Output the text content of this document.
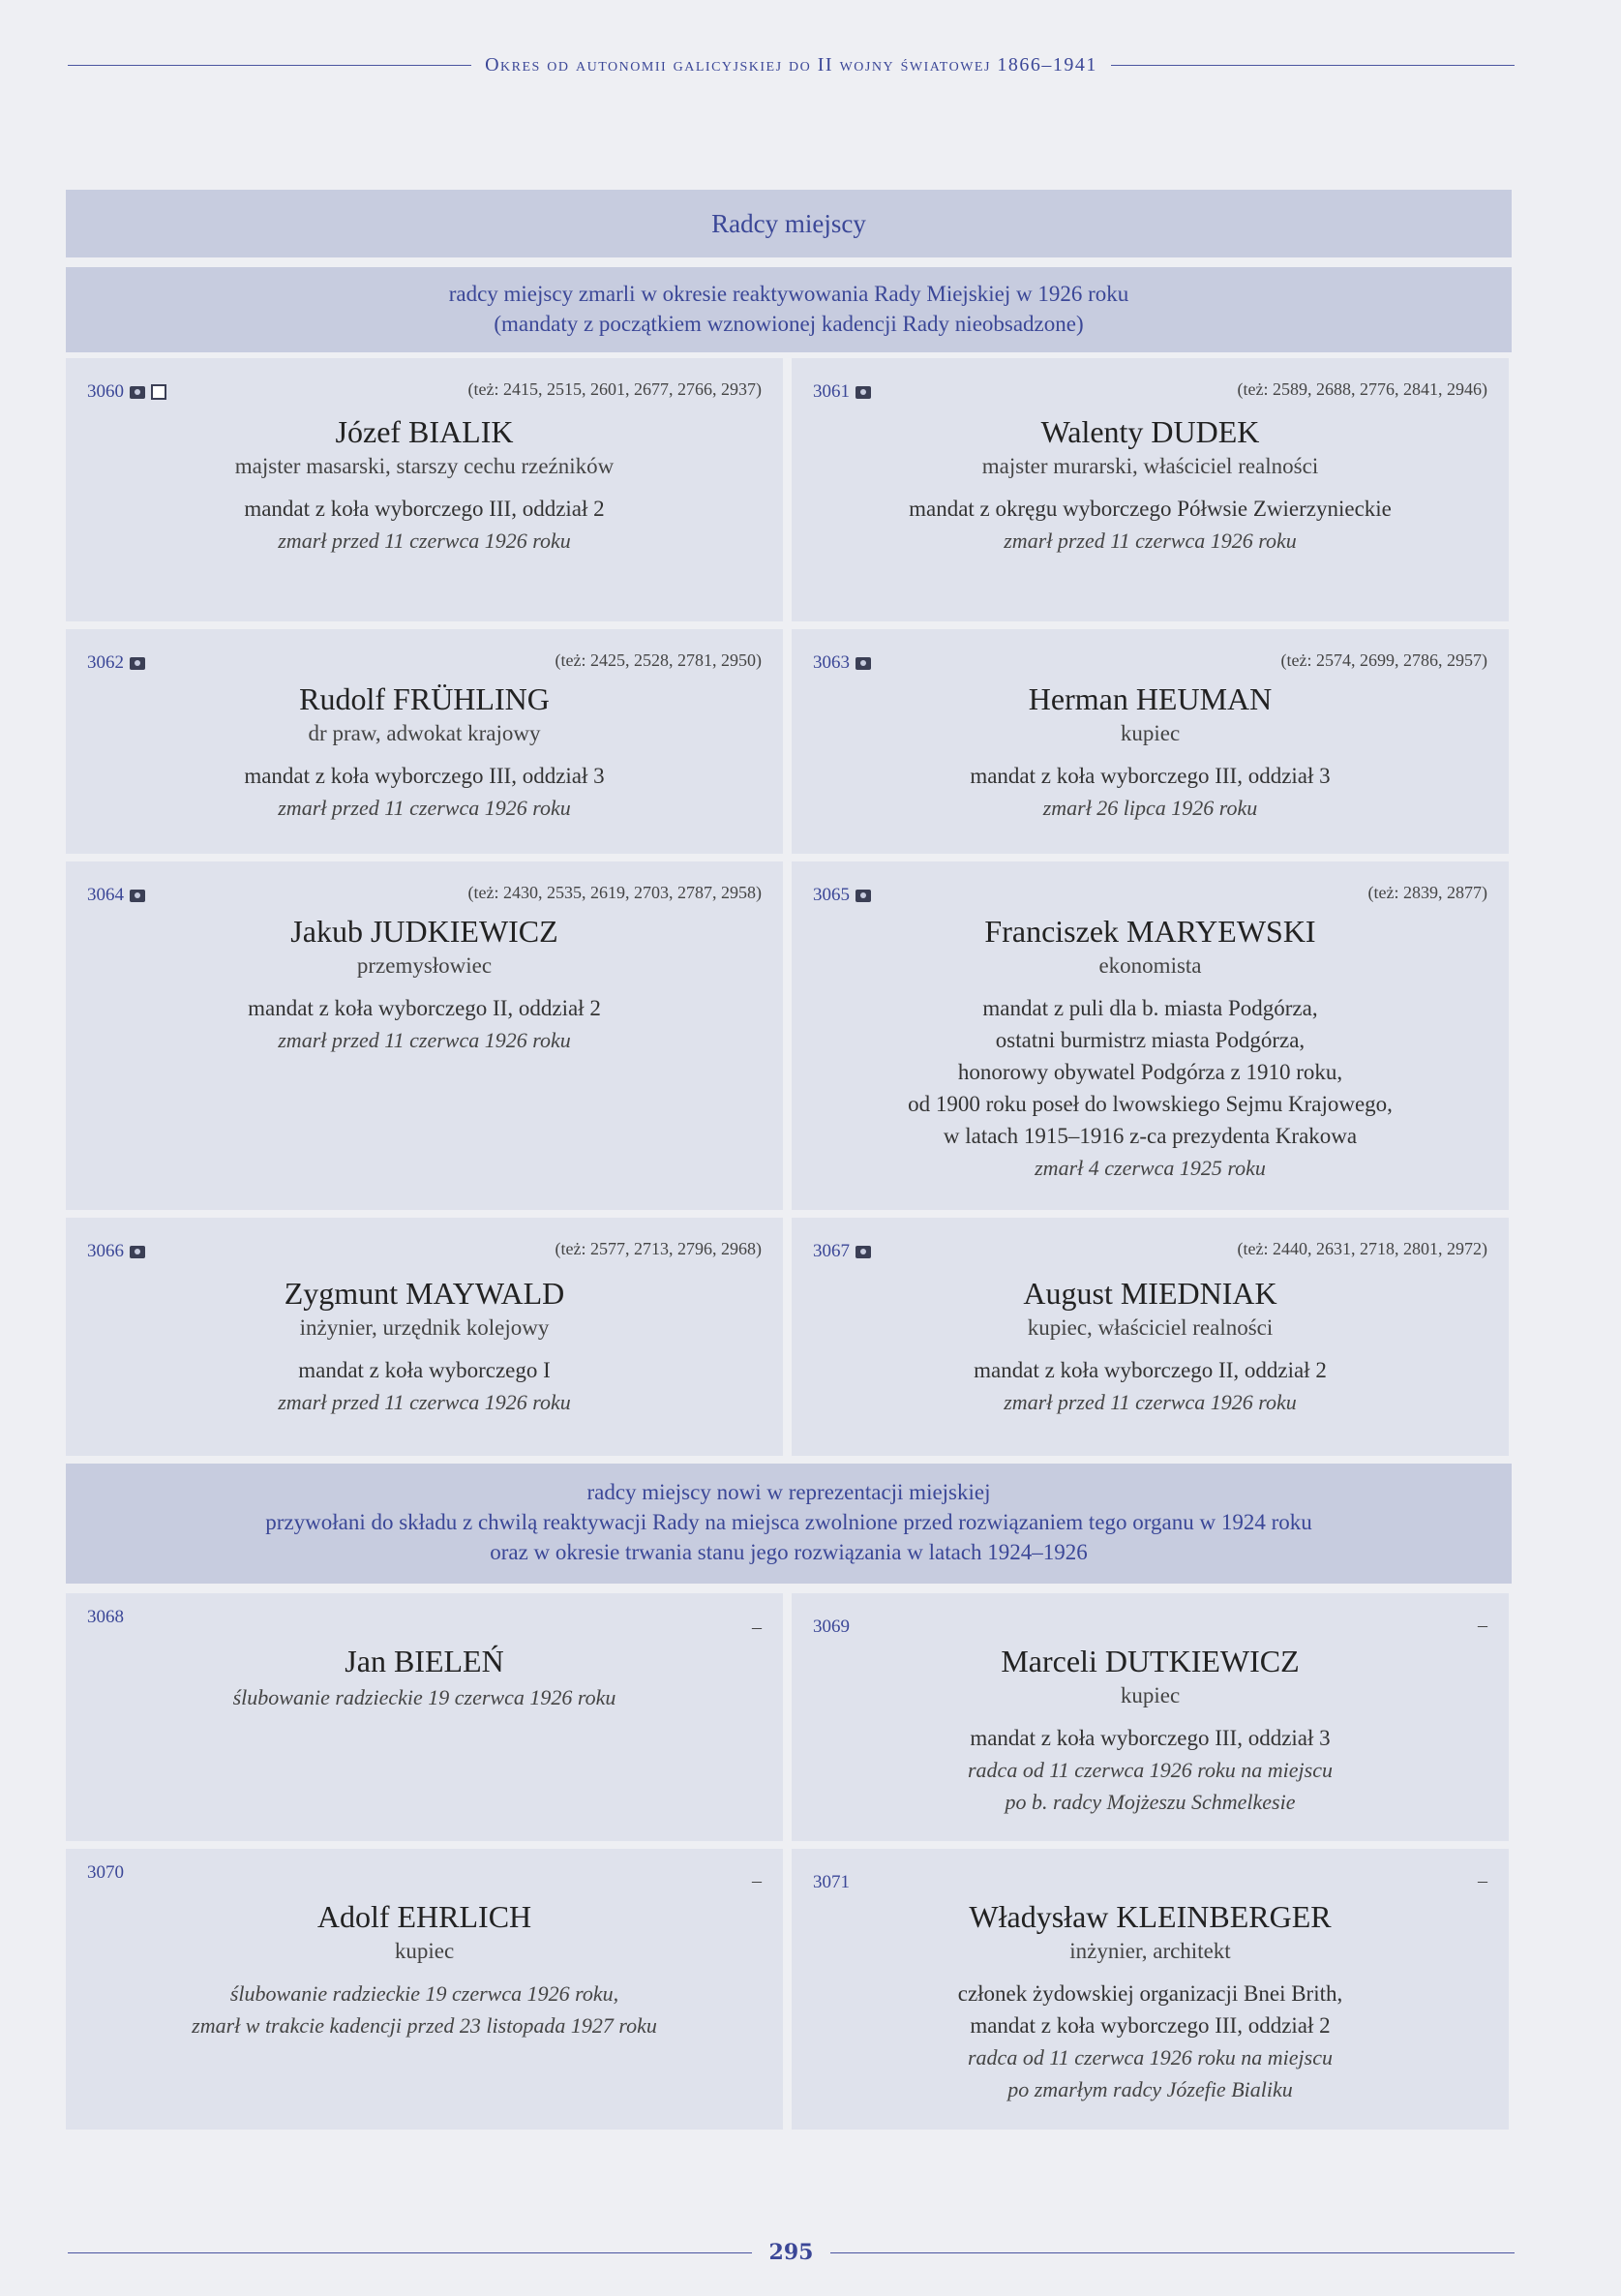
Okres od autonomii galicyjskiej do II wojny światowej 1866–1941
Radcy miejscy
radcy miejscy zmarli w okresie reaktywowania Rady Miejskiej w 1926 roku
(mandaty z początkiem wznowionej kadencji Rady nieobsadzone)
3060	(też: 2415, 2515, 2601, 2677, 2766, 2937)
Józef BIALIK
majster masarski, starszy cechu rzeźników
mandat z koła wyborczego III, oddział 2
zmarł przed 11 czerwca 1926 roku
3061	(też: 2589, 2688, 2776, 2841, 2946)
Walenty DUDEK
majster murarski, właściciel realności
mandat z okręgu wyborczego Półwsie Zwierzynieckie
zmarł przed 11 czerwca 1926 roku
3062	(też: 2425, 2528, 2781, 2950)
Rudolf FRÜHLING
dr praw, adwokat krajowy
mandat z koła wyborczego III, oddział 3
zmarł przed 11 czerwca 1926 roku
3063	(też: 2574, 2699, 2786, 2957)
Herman HEUMAN
kupiec
mandat z koła wyborczego III, oddział 3
zmarł 26 lipca 1926 roku
3064	(też: 2430, 2535, 2619, 2703, 2787, 2958)
Jakub JUDKIEWICZ
przemysłowiec
mandat z koła wyborczego II, oddział 2
zmarł przed 11 czerwca 1926 roku
3065	(też: 2839, 2877)
Franciszek MARYEWSKI
ekonomista
mandat z puli dla b. miasta Podgórza,
ostatni burmistrz miasta Podgórza,
honorowy obywatel Podgórza z 1910 roku,
od 1900 roku poseł do lwowskiego Sejmu Krajowego,
w latach 1915–1916 z-ca prezydenta Krakowa
zmarł 4 czerwca 1925 roku
3066	(też: 2577, 2713, 2796, 2968)
Zygmunt MAYWALD
inżynier, urzędnik kolejowy
mandat z koła wyborczego I
zmarł przed 11 czerwca 1926 roku
3067	(też: 2440, 2631, 2718, 2801, 2972)
August MIEDNIAK
kupiec, właściciel realności
mandat z koła wyborczego II, oddział 2
zmarł przed 11 czerwca 1926 roku
radcy miejscy nowi w reprezentacji miejskiej
przywołani do składu z chwilą reaktywacji Rady na miejsca zwolnione przed rozwiązaniem tego organu w 1924 roku
oraz w okresie trwania stanu jego rozwiązania w latach 1924–1926
3068	–
Jan BIELEŃ
ślubowanie radzieckie 19 czerwca 1926 roku
3069	–
Marceli DUTKIEWICZ
kupiec
mandat z koła wyborczego III, oddział 3
radca od 11 czerwca 1926 roku na miejscu
po b. radcy Mojżeszu Schmelkesie
3070	–
Adolf EHRLICH
kupiec
ślubowanie radzieckie 19 czerwca 1926 roku,
zmarł w trakcie kadencji przed 23 listopada 1927 roku
3071	–
Władysław KLEINBERGER
inżynier, architekt
członek żydowskiej organizacji Bnei Brith,
mandat z koła wyborczego III, oddział 2
radca od 11 czerwca 1926 roku na miejscu
po zmarłym radcy Józefie Bialiku
295
